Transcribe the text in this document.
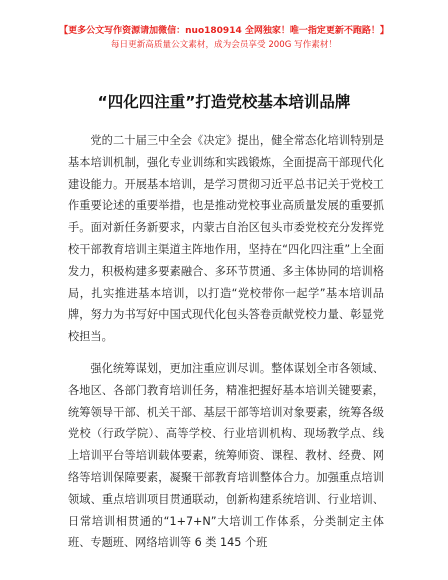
【更多公文写作资源请加微信：nuo180914 全网独家！唯一指定更新不跑路！】
每日更新高质量公文素材，成为会员享受 200G 写作素材！
“四化四注重”打造党校基本培训品牌

党的二十届三中全会《决定》提出，健全常态化培训特别是基本培训机制，强化专业训练和实践锻炼，全面提高干部现代化建设能力。开展基本培训，是学习贯彻习近平总书记关于党校工作重要论述的重要举措，也是推动党校事业高质量发展的重要抓手。面对新任务新要求，内蒙古自治区包头市委党校充分发挥党校干部教育培训主渠道主阵地作用，坚持在“四化四注重”上全面发力，积极构建多要素融合、多环节贯通、多主体协同的培训格局，扎实推进基本培训，以打造“党校带你一起学”基本培训品牌，努力为书写好中国式现代化包头答卷贡献党校力量、彰显党校担当。

强化统筹谋划，更加注重应训尽训。整体谋划全市各领域、各地区、各部门教育培训任务，精准把握好基本培训关键要素，统筹领导干部、机关干部、基层干部等培训对象要素，统筹各级党校（行政学院）、高等学校、行业培训机构、现场教学点、线上培训平台等培训载体要素，统筹师资、课程、教材、经费、网络等培训保障要素，凝聚干部教育培训整体合力。加强重点培训领域、重点培训项目贯通联动，创新构建系统培训、行业培训、日常培训相贯通的“1+7+N”大培训工作体系，分类制定主体班、专题班、网络培训等 6 类 145 个班
